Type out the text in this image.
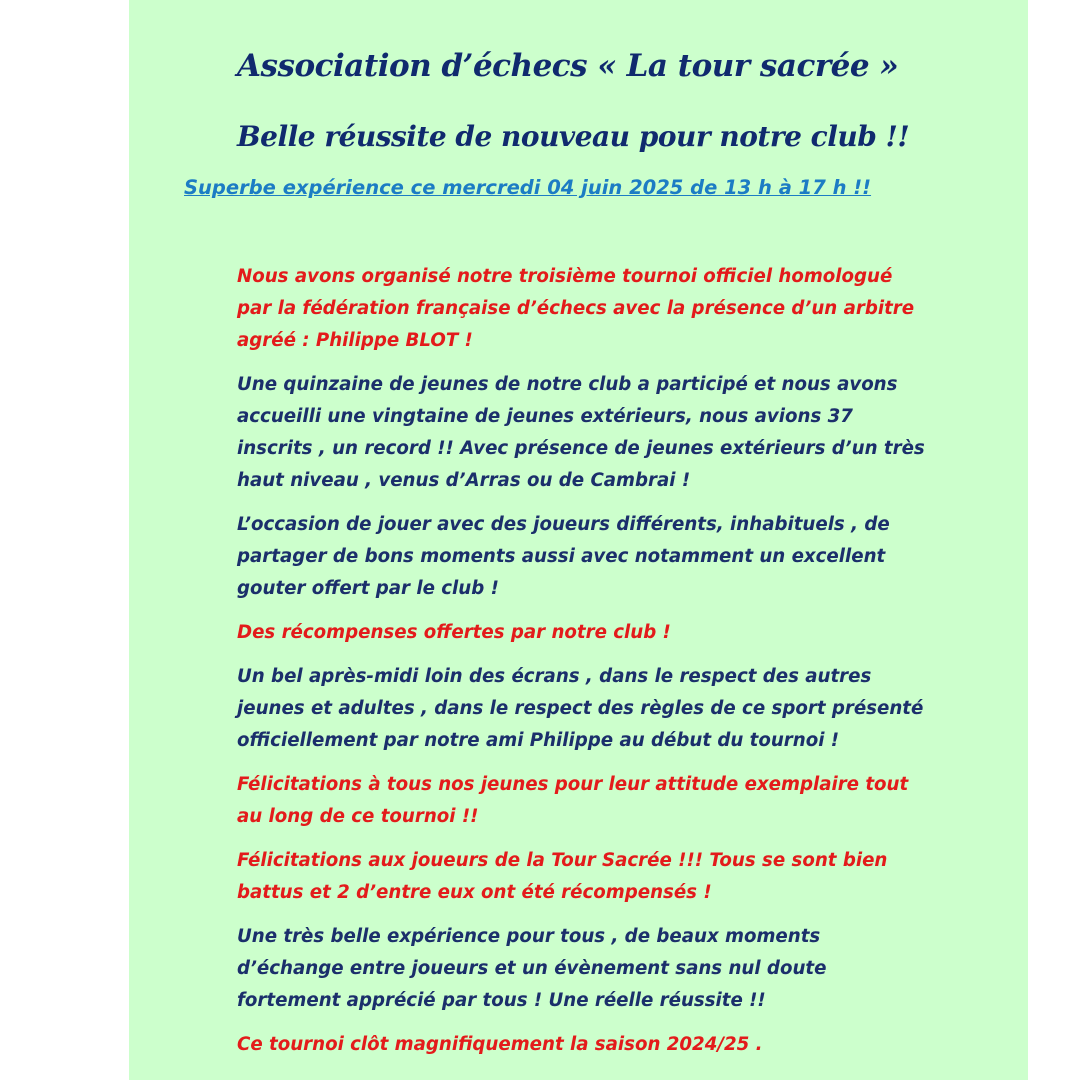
Association d’échecs « La tour sacrée »
Belle réussite de nouveau pour notre club !!

Superbe expérience ce mercredi 04 juin 2025 de 13 h à 17 h !!

Nous avons organisé notre troisième tournoi officiel homologué par la fédération française d’échecs avec la présence d’un arbitre agréé : Philippe BLOT !

Une quinzaine de jeunes de notre club a participé et nous avons accueilli une vingtaine de jeunes extérieurs, nous avions 37 inscrits , un record !! Avec présence de jeunes extérieurs d’un très haut niveau , venus d’Arras ou de Cambrai !

L’occasion de jouer avec des joueurs différents, inhabituels , de partager de bons moments aussi avec notamment un excellent gouter offert par le club !

Des récompenses offertes par notre club !

Un bel après-midi loin des écrans , dans le respect des autres jeunes et adultes , dans le respect des règles de ce sport présenté officiellement par notre ami Philippe au début du tournoi !

Félicitations à tous nos jeunes pour leur attitude exemplaire tout au long de ce tournoi !!

Félicitations aux joueurs de la Tour Sacrée !!! Tous se sont bien battus et 2 d’entre eux ont été récompensés !

Une très belle expérience pour tous , de beaux moments d’échange entre joueurs et un évènement sans nul doute fortement apprécié par tous ! Une réelle réussite !!

Ce tournoi clôt magnifiquement la saison 2024/25 .
